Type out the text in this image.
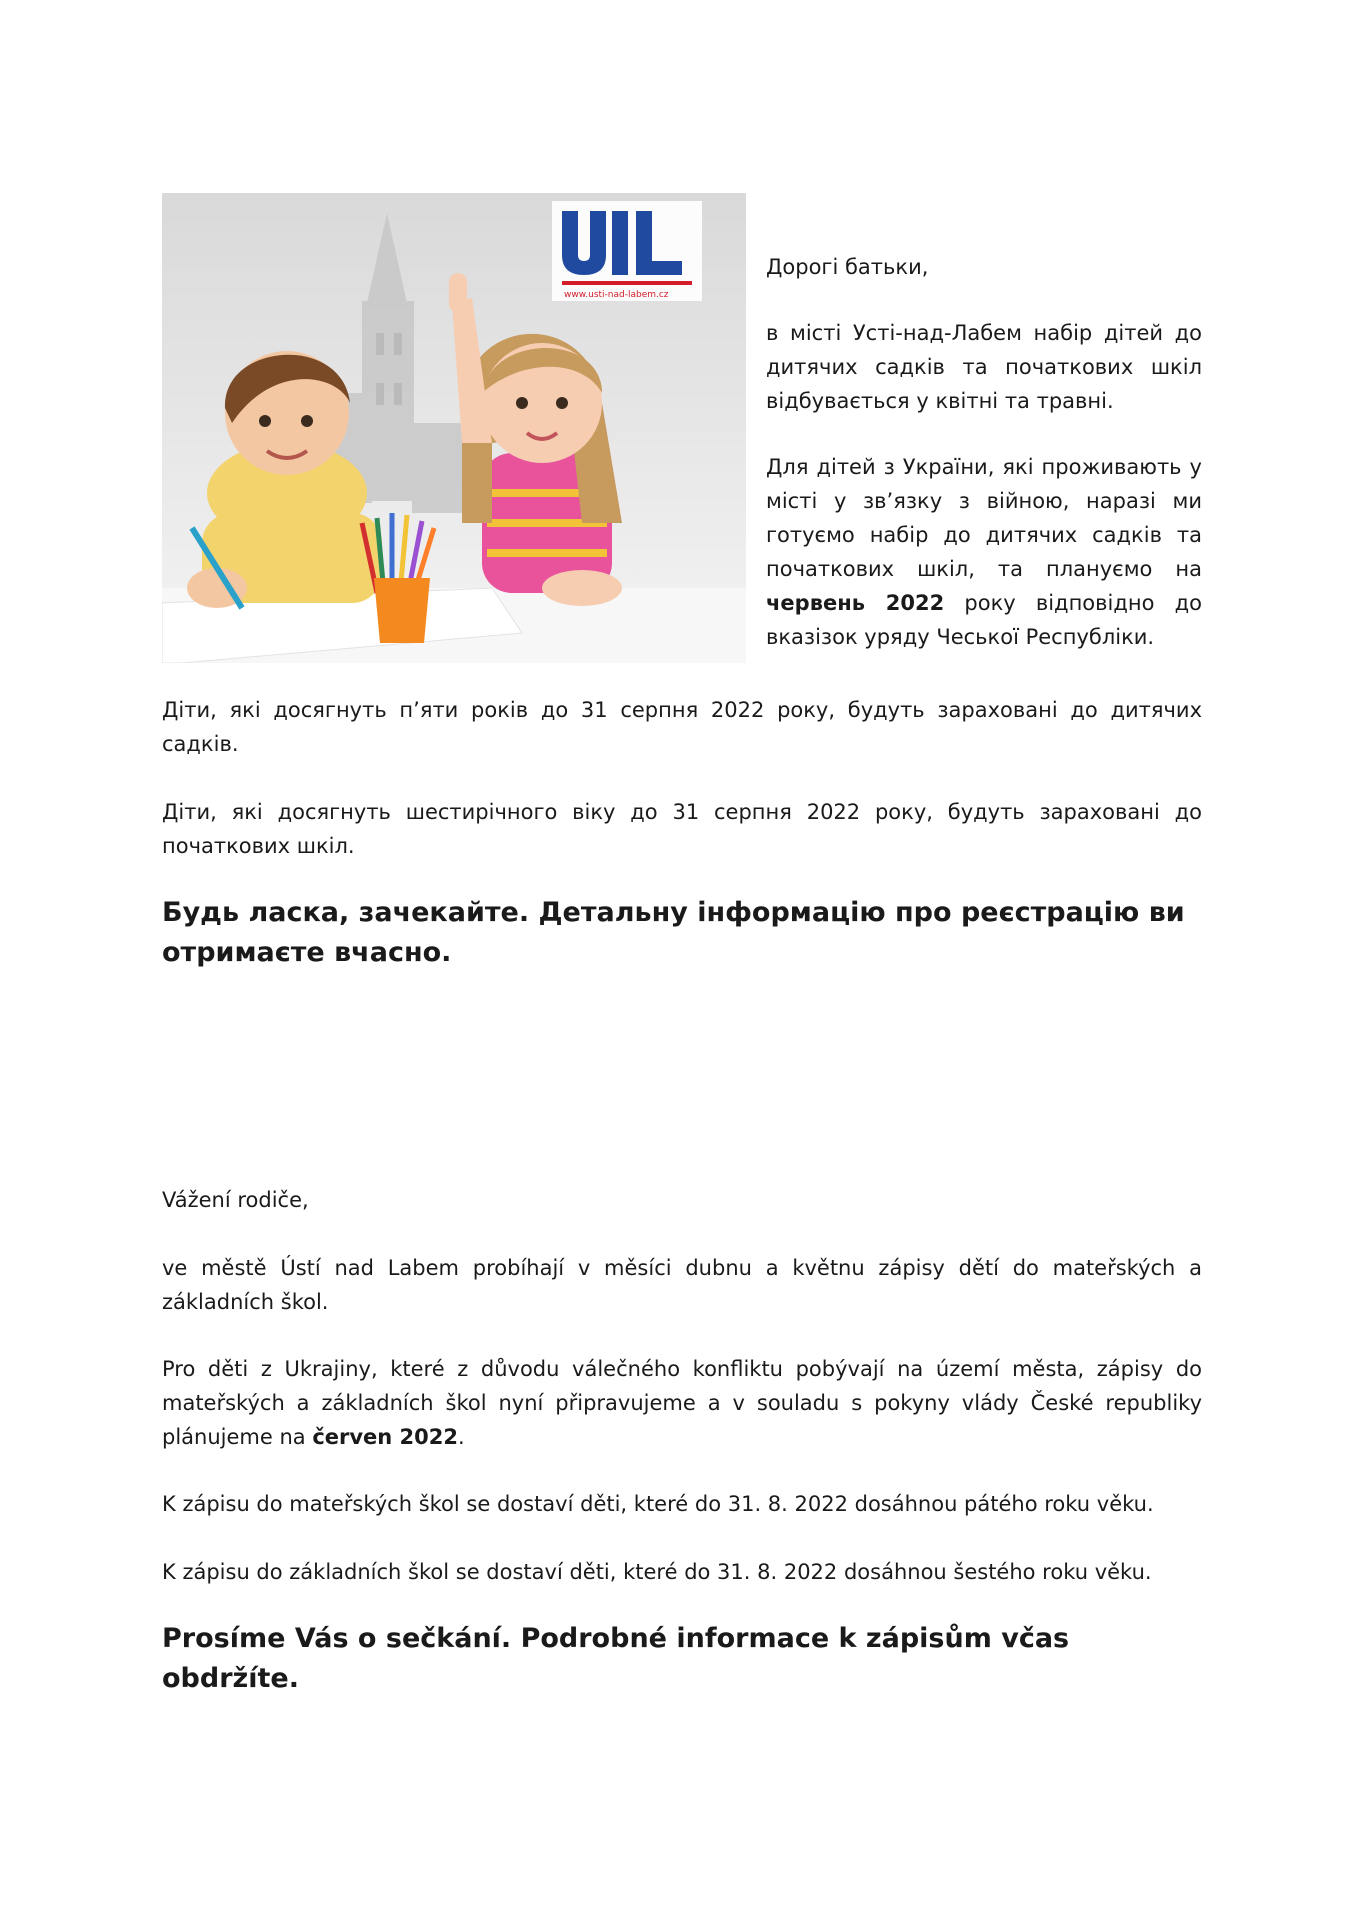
www.usti-nad-labem.cz

Дорогі батьки,

в місті Усті-над-Лабем набір дітей до дитячих садків та початкових шкіл відбувається у квітні та травні.

Для дітей з України, які проживають у місті у зв’язку з війною, наразі ми готуємо набір до дитячих садків та початкових шкіл, та плануємо на червень 2022 року відповідно до вказізок уряду Чеської Республіки.

Діти, які досягнуть п’яти років до 31 серпня 2022 року, будуть зараховані до дитячих садків.

Діти, які досягнуть шестирічного віку до 31 серпня 2022 року, будуть зараховані до початкових шкіл.

Будь ласка, зачекайте. Детальну інформацію про реєстрацію ви отримаєте вчасно.

Vážení rodiče,

ve městě Ústí nad Labem probíhají v měsíci dubnu a květnu zápisy dětí do mateřských a základních škol.

Pro děti z Ukrajiny, které z důvodu válečného konfliktu pobývají na území města, zápisy do mateřských a základních škol nyní připravujeme a v souladu s pokyny vlády České republiky plánujeme na červen 2022.

K zápisu do mateřských škol se dostaví děti, které do 31. 8. 2022 dosáhnou pátého roku věku.

K zápisu do základních škol se dostaví děti, které do 31. 8. 2022 dosáhnou šestého roku věku.

Prosíme Vás o sečkání. Podrobné informace k zápisům včas obdržíte.
